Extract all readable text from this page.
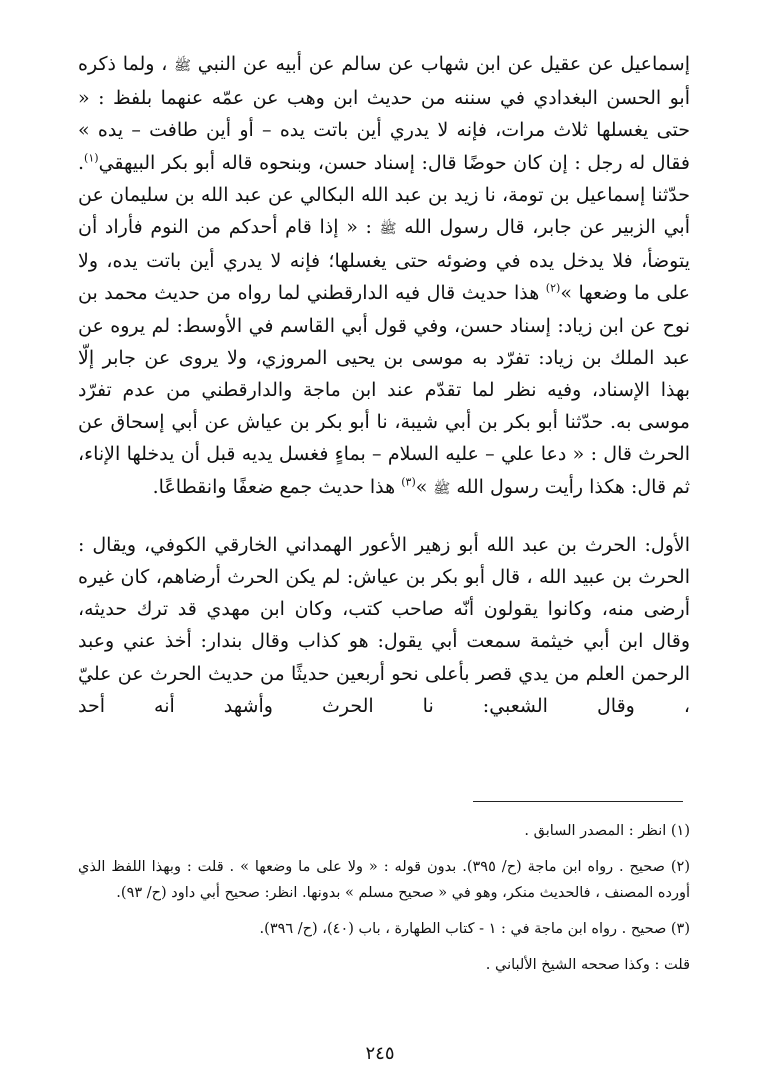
إسماعيل عن عقيل عن ابن شهاب عن سالم عن أبيه عن النبي ﷺ ، ولما ذكره أبو الحسن البغدادي في سننه من حديث ابن وهب عن عمّه عنهما بلفظ : « حتى يغسلها ثلاث مرات، فإنه لا يدري أين باتت يده – أو أين طافت – يده » فقال له رجل : إن كان حوضًا قال: إسناد حسن، وبنحوه قاله أبو بكر البيهقي$^{(١)}$. حدّثنا إسماعيل بن تومة، نا زيد بن عبد الله البكالي عن عبد الله بن سليمان عن أبي الزبير عن جابر، قال رسول الله ﷺ : « إذا قام أحدكم من النوم فأراد أن يتوضأ، فلا يدخل يده في وضوئه حتى يغسلها؛ فإنه لا يدري أين باتت يده، ولا على ما وضعها »$^{(٢)}$ هذا حديث قال فيه الدارقطني لما رواه من حديث محمد بن نوح عن ابن زياد: إسناد حسن، وفي قول أبي القاسم في الأوسط: لم يروه عن عبد الملك بن زياد: تفرّد به موسى بن يحيى المروزي، ولا يروى عن جابر إلّا بهذا الإسناد، وفيه نظر لما تقدّم عند ابن ماجة والدارقطني من عدم تفرّد موسى به. حدّثنا أبو بكر بن أبي شيبة، نا أبو بكر بن عياش عن أبي إسحاق عن الحرث قال : « دعا علي – عليه السلام – بماءٍ فغسل يديه قبل أن يدخلها الإناء، ثم قال: هكذا رأيت رسول الله ﷺ »$^{(٣)}$ هذا حديث جمع ضعفًا وانقطاعًا.

الأول: الحرث بن عبد الله أبو زهير الأعور الهمداني الخارقي الكوفي، ويقال : الحرث بن عبيد الله ، قال أبو بكر بن عياش: لم يكن الحرث أرضاهم، كان غيره أرضى منه، وكانوا يقولون أنّه صاحب كتب، وكان ابن مهدي قد ترك حديثه، وقال ابن أبي خيثمة سمعت أبي يقول: هو كذاب وقال بندار: أخذ عني وعبد الرحمن العلم من يدي قصر بأعلى نحو أربعين حديثًا من حديث الحرث عن عليّ ، وقال الشعبي: نا الحرث وأشهد أنه أحد

(١) انظر : المصدر السابق .

(٢) صحيح . رواه ابن ماجة (ح/ ٣٩٥). بدون قوله : « ولا على ما وضعها » . قلت : وبهذا اللفظ الذي أورده المصنف ، فالحديث منكر، وهو في « صحيح مسلم » بدونها. انظر: صحيح أبي داود (ح/ ٩٣).

(٣) صحيح . رواه ابن ماجة في : ١ - كتاب الطهارة ، باب (٤٠)، (ح/ ٣٩٦).

قلت : وكذا صححه الشيخ الألباني .

٢٤٥
